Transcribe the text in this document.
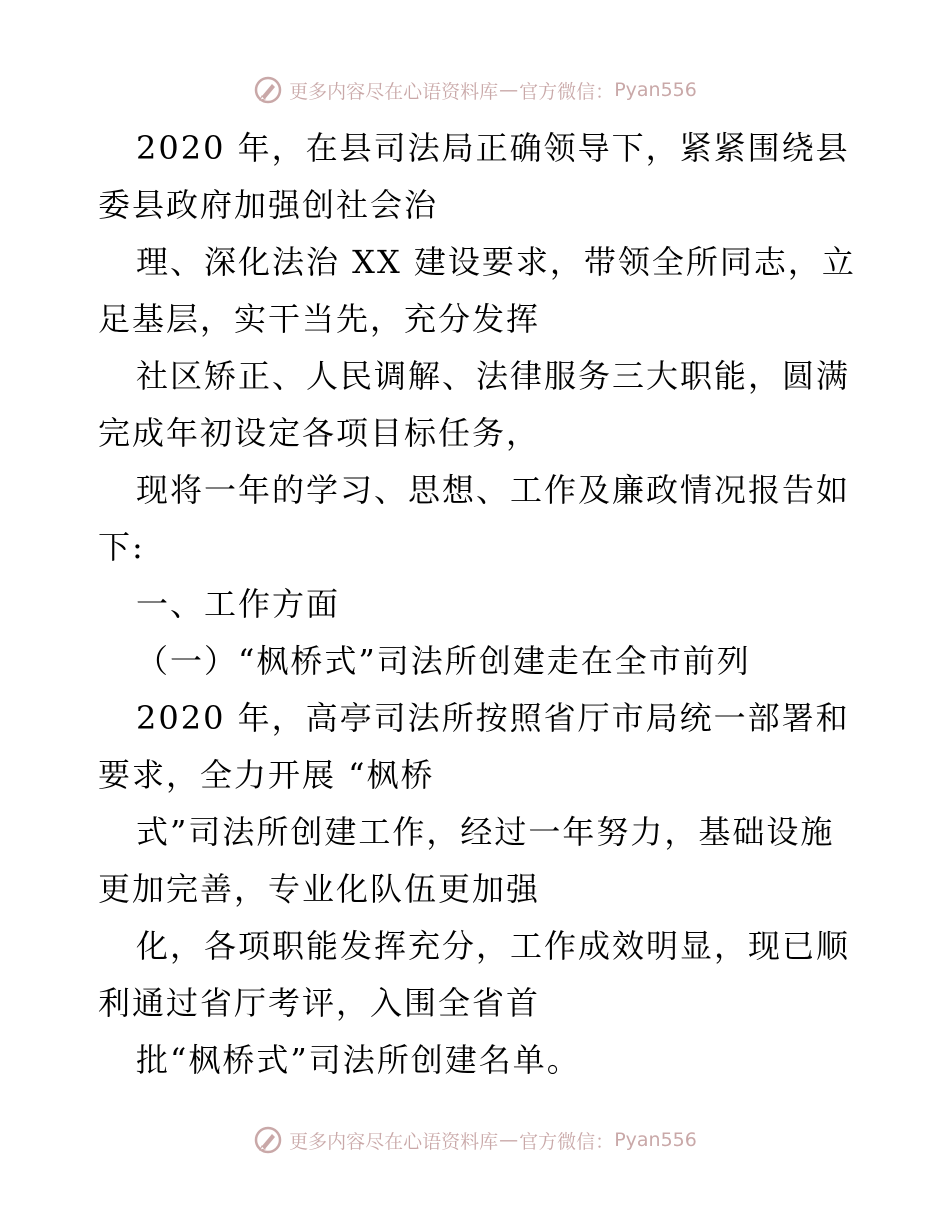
更多内容尽在心语资料库 — 官方微信： Pyan556
2020 年，在县司法局正确领导下，紧紧围绕县
委县政府加强创社会治
理、深化法治 XX 建设要求，带领全所同志，立
足基层，实干当先，充分发挥
社区矫正、人民调解、法律服务三大职能，圆满
完成年初设定各项目标任务，
现将一年的学习、思想、工作及廉政情况报告如
下:
一、工作方面
（一）“枫桥式”司法所创建走在全市前列
2020 年，高亭司法所按照省厅市局统一部署和
要求，全力开展 “枫桥
式”司法所创建工作，经过一年努力，基础设施
更加完善，专业化队伍更加强
化，各项职能发挥充分，工作成效明显，现已顺
利通过省厅考评，入围全省首
批“枫桥式”司法所创建名单。
更多内容尽在心语资料库 — 官方微信： Pyan556
